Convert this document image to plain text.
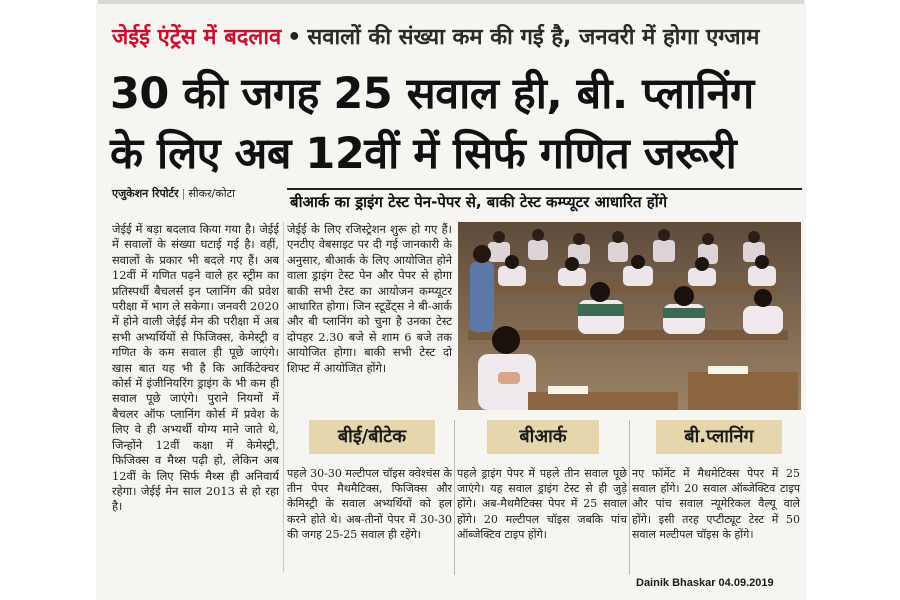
जेईई एंट्रेंस में बदलाव • सवालों की संख्या कम की गई है, जनवरी में होगा एग्जाम
30 की जगह 25 सवाल ही, बी. प्लानिंग
के लिए अब 12वीं में सिर्फ गणित जरूरी
एजुकेशन रिपोर्टर | सीकर/कोटा	बीआर्क का ड्राइंग टेस्ट पेन-पेपर से, बाकी टेस्ट कम्प्यूटर आधारित होंगे
जेईई में बड़ा बदलाव किया गया है। जेईई में सवालों के संख्या घटाई गई है। वहीं, सवालों के प्रकार भी बदले गए हैं। अब 12वीं में गणित पढ़ने वाले हर स्ट्रीम का प्रतिस्पर्धी बैचलर्स इन प्लानिंग की प्रवेश परीक्षा में भाग ले सकेगा। जनवरी 2020 में होने वाली जेईई मेन की परीक्षा में अब सभी अभ्यर्थियों से फिजिक्स, केमेस्ट्री व गणित के कम सवाल ही पूछे जाएंगे। खास बात यह भी है कि आर्किटेक्चर कोर्स में इंजीनियरिंग ड्राइंग के भी कम ही सवाल पूछे जाएंगे। पुराने नियमों में बैचलर ऑफ प्लानिंग कोर्स में प्रवेश के लिए वे ही अभ्यर्थी योग्य माने जाते थे, जिन्होंने 12वीं कक्षा में केमेस्ट्री, फिजिक्स व मैथ्स पढ़ी हो, लेकिन अब 12वीं के लिए सिर्फ मैथ्स ही अनिवार्य रहेगा। जेईई मेन साल 2013 से हो रहा है।
जेईई के लिए रजिस्ट्रेशन शुरू हो गए हैं। एनटीए वेबसाइट पर दी गई जानकारी के अनुसार, बीआर्क के लिए आयोजित होने वाला ड्राइंग टेस्ट पेन और पेपर से होगा बाकी सभी टेस्ट का आयोजन कम्प्यूटर आधारित होगा। जिन स्टूडेंट्स ने बी-आर्क और बी प्लानिंग को चुना है उनका टेस्ट दोपहर 2.30 बजे से शाम 6 बजे तक आयोजित होगा। बाकी सभी टेस्ट दो शिफ्ट में आयोजित होंगे।
बीई/बीटेक
पहले 30-30 मल्टीपल चॉइस क्वेश्चंस के तीन पेपर मैथमैटिक्स, फिजिक्स और केमिस्ट्री के सवाल अभ्यर्थियों को हल करने होते थे। अब-तीनों पेपर में 30-30 की जगह 25-25 सवाल ही रहेंगे।
बीआर्क
पहले ड्राइंग पेपर में पहले तीन सवाल पूछे जाएंगे। यह सवाल ड्राइंग टेस्ट से ही जुड़े होंगे। अब-मैथमैटिक्स पेपर में 25 सवाल होंगे। 20 मल्टीपल चॉइस जबकि पांच ऑब्जेक्टिव टाइप होंगे।
बी.प्लानिंग
नए फॉर्मेट में मैथमेटिक्स पेपर में 25 सवाल होंगे। 20 सवाल ऑब्जेक्टिव टाइप और पांच सवाल न्यूमेरिकल वैल्यू वाले होंगे। इसी तरह एप्टीट्यूट टेस्ट में 50 सवाल मल्टीपल चॉइस के होंगे।
Dainik Bhaskar 04.09.2019
